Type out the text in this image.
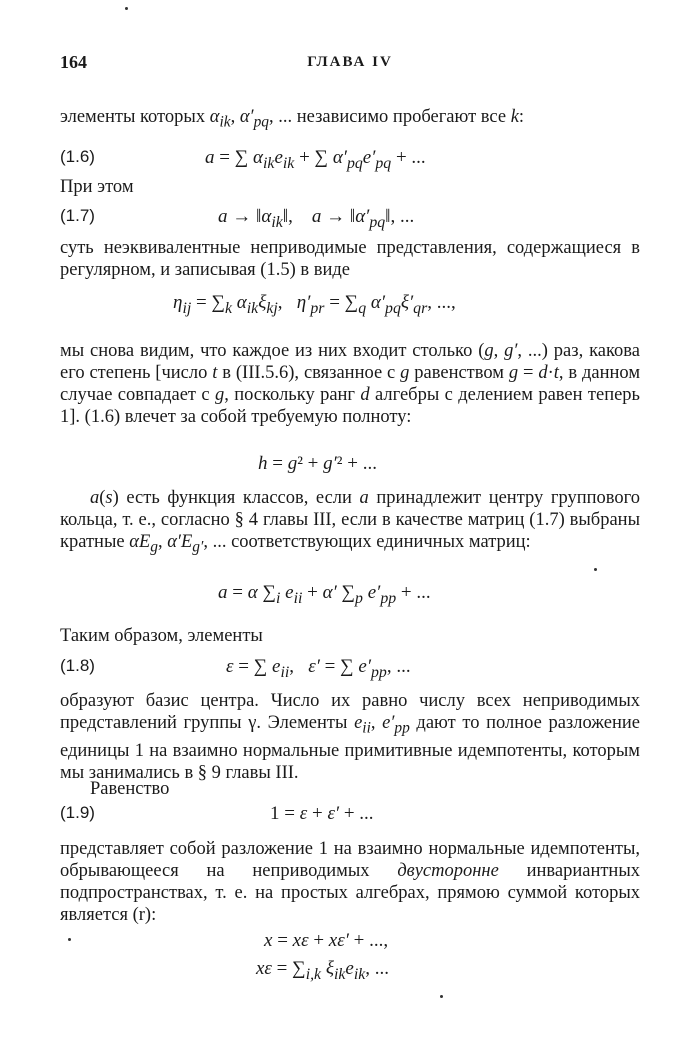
164	ГЛАВА IV
элементы которых $\alpha_{ik}$, $\alpha'_{pq}$, ... независимо пробегают все k:
(1.6)	a = ∑ $\alpha_{ik}e_{ik}$ + ∑ $\alpha'_{pq}e'_{pq}$ + ...
При этом
(1.7)	$a \to ‖\alpha_{ik}‖$,    $a \to ‖\alpha'_{pq}‖$, ...
суть неэквивалентные неприводимые представления, содержащиеся в регулярном, и записывая (1.5) в виде
$\eta_{ij} = \sum_k$ $\alpha_{ik}\xi_{kj}$,   $\eta'_{pr} = \sum_q$ $\alpha'_{pq}\xi'_{qr}$, ...,
мы снова видим, что каждое из них входит столько (g, g′, ...) раз, какова его степень [число t в (III.5.6), связанное с g равенством g = d·t, в данном случае совпадает с g, поскольку ранг d алгебры с делением равен теперь 1]. (1.6) влечет за собой требуемую полноту:
h = g² + g′² + ...
a(s) есть функция классов, если a принадлежит центру группового кольца, т. е., согласно § 4 главы III, если в качестве матриц (1.7) выбраны кратные $\alpha E_g$, $\alpha'E_{g'}$, ... соответствующих единичных матриц:
a = α $\sum_i$ $e_{ii} + \alpha'$ $\sum_p$ $e'_{pp}$ + ...
Таким образом, элементы
(1.8)	ε = ∑ $e_{ii}$,   ε′ = ∑ $e'_{pp}$, ...
образуют базис центра. Число их равно числу всех неприводимых представлений группы γ. Элементы $e_{ii}$, $e'_{pp}$ дают то полное разложение единицы 1 на взаимно нормальные примитивные идемпотенты, которым мы занимались в § 9 главы III.
Равенство
(1.9)	1 = ε + ε′ + ...
представляет собой разложение 1 на взаимно нормальные идемпотенты, обрывающееся на неприводимых двусторонне инвариантных подпространствах, т. е. на простых алгебрах, прямою суммой которых является (r):
x = xε + xε′ + ...,
$x\varepsilon = \sum_{i,k}$ $\xi_{ik}e_{ik}$, ...
